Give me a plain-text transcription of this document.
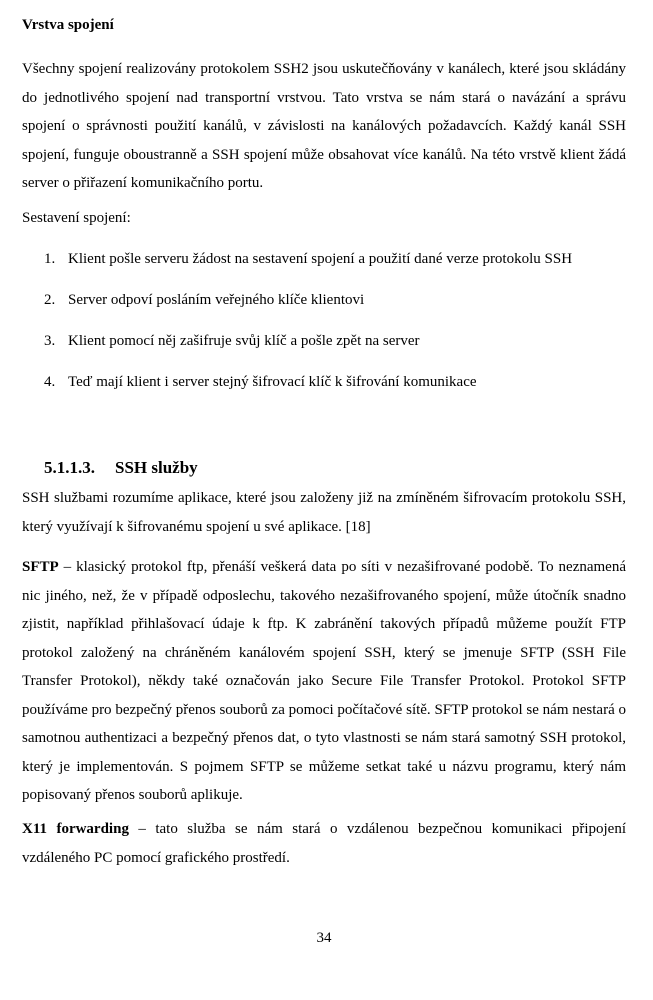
Vrstva spojení

Všechny spojení realizovány protokolem SSH2 jsou uskutečňovány v kanálech, které jsou skládány do jednotlivého spojení nad transportní vrstvou. Tato vrstva se nám stará o navázání a správu spojení o správnosti použití kanálů, v závislosti na kanálových požadavcích. Každý kanál SSH spojení, funguje oboustranně a SSH spojení může obsahovat více kanálů. Na této vrstvě klient žádá server o přiřazení komunikačního portu.

Sestavení spojení:

1. Klient pošle serveru žádost na sestavení spojení a použití dané verze protokolu SSH
2. Server odpoví posláním veřejného klíče klientovi
3. Klient pomocí něj zašifruje svůj klíč a pošle zpět na server
4. Teď mají klient i server stejný šifrovací klíč k šifrování komunikace
5.1.1.3. SSH služby

SSH službami rozumíme aplikace, které jsou založeny již na zmíněném šifrovacím protokolu SSH, který využívají k šifrovanému spojení u své aplikace. [18]

SFTP – klasický protokol ftp, přenáší veškerá data po síti v nezašifrované podobě. To neznamená nic jiného, než, že v případě odposlechu, takového nezašifrovaného spojení, může útočník snadno zjistit, například přihlašovací údaje k ftp. K zabránění takových případů můžeme použít FTP protokol založený na chráněném kanálovém spojení SSH, který se jmenuje SFTP (SSH File Transfer Protokol), někdy také označován jako Secure File Transfer Protokol. Protokol SFTP používáme pro bezpečný přenos souborů za pomoci počítačové sítě. SFTP protokol se nám nestará o samotnou authentizaci a bezpečný přenos dat, o tyto vlastnosti se nám stará samotný SSH protokol, který je implementován. S pojmem SFTP se můžeme setkat také u názvu programu, který nám popisovaný přenos souborů aplikuje.

X11 forwarding – tato služba se nám stará o vzdálenou bezpečnou komunikaci připojení vzdáleného PC pomocí grafického prostředí.

34
